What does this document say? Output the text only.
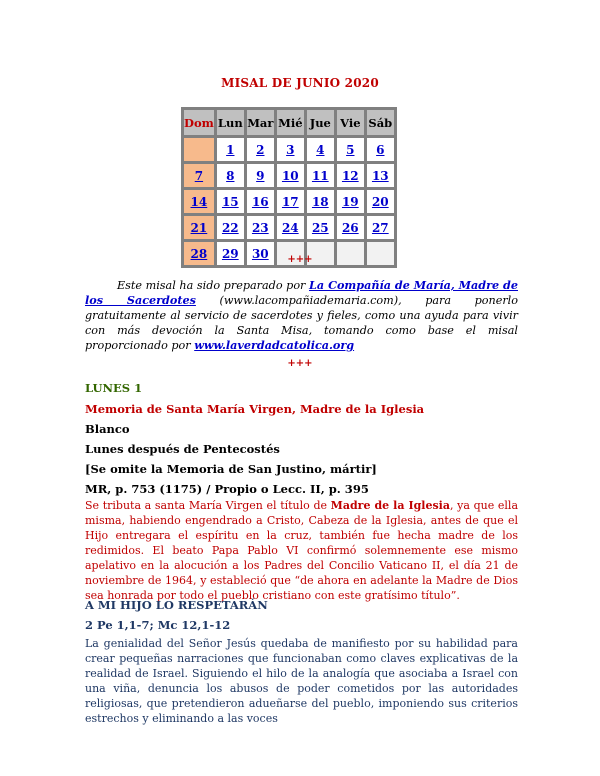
MISAL DE JUNIO 2020
Dom	Lun	Mar	Mié	Jue	Vie	Sáb
	1	2	3	4	5	6
7	8	9	10	11	12	13
14	15	16	17	18	19	20
21	22	23	24	25	26	27
28	29	30					+++
Este misal ha sido preparado por La Compañía de María, Madre de los Sacerdotes (www.lacompañiademaria.com), para ponerlo gratuitamente al servicio de sacerdotes y fieles, como una ayuda para vivir con más devoción la Santa Misa, tomando como base el misal proporcionado por www.laverdadcatolica.org
+++
LUNES 1
Memoria de Santa María Virgen, Madre de la Iglesia
Blanco
Lunes después de Pentecostés
[Se omite la Memoria de San Justino, mártir]
MR, p. 753 (1175) / Propio o Lecc. II, p. 395
Se tributa a santa María Virgen el título de Madre de la Iglesia, ya que ella misma, habiendo engendrado a Cristo, Cabeza de la Iglesia, antes de que el Hijo entregara el espíritu en la cruz, también fue hecha madre de los redimidos. El beato Papa Pablo VI confirmó solemnemente ese mismo apelativo en la alocución a los Padres del Concilio Vaticano II, el día 21 de noviembre de 1964, y estableció que “de ahora en adelante la Madre de Dios sea honrada por todo el pueblo cristiano con este gratísimo título”.
A MI HIJO LO RESPETARÁN
2 Pe 1,1-7; Mc 12,1-12
La genialidad del Señor Jesús quedaba de manifiesto por su habilidad para crear pequeñas narraciones que funcionaban como claves explicativas de la realidad de Israel. Siguiendo el hilo de la analogía que asociaba a Israel con una viña, denuncia los abusos de poder cometidos por las autoridades religiosas, que pretendieron adueñarse del pueblo, imponiendo sus criterios estrechos y eliminando a las voces
